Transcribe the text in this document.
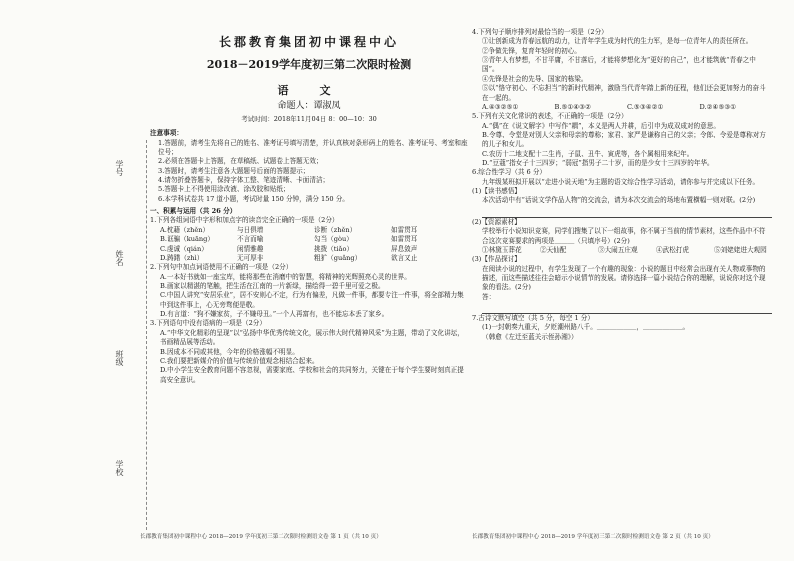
学号
姓名
班级
学校
长郡教育集团初中课程中心
2018－2019学年度初三第二次限时检测
语　文
命题人：谭淑凤
考试时间：2018年11月04日 8：00—10：30
注意事项：
1.答题前，请考生先将自己的姓名、准考证号填写清楚，并认真核对条形码上的姓名、准考证号、考室和座位号；
2.必须在答题卡上答题，在草稿纸、试题卷上答题无效；
3.答题时，请考生注意各大题题号后面的答题提示；
4.请勿折叠答题卡，保持字体工整、笔迹清晰、卡面清洁；
5.答题卡上不得使用涂改液、涂改胶和贴纸；
6.本学科试卷共 17 道小题，考试时量 150 分钟，满分 150 分。
一、积累与运用（共 26 分）
1.下列各组词语中字形和加点字的读音完全正确的一项是（2分）
A.枕藉（zhěn）	与日俱增	诊断（zhěn）	如雷贯耳
B.诓骗（kuāng）	不言而喻	勾当（gòu）	如雷贯耳
C.虔诚（qián）	闲情雅趣	挑拨（tiǎo）	屏息敛声
D.踌躇（zhì）	无可厚非	粗犷（guǎng）	欲言又止
2.下列句中加点词语使用不正确的一项是（2分）
A.一本好书就如一座宝库，能将那些在消磨中的智慧，将精神的光辉照亮心灵的世界。
B.画家以精湛的笔触，把生活在江南的一片新绿，描绘得一碧千里可爱之极。
C.中国人讲究“安居乐业”，居不安则心不定，行为有偏差，凡做一件事，都要专注一件事，将全部精力集中到这件事上，心无旁骛便是敬。
D.有言道：“狗不嫌家贫，子不嫌母丑。”一个人再富有，也不能忘本丢了家乡。
3.下列语句中没有语病的一项是（2分）
A.“中华文化精彩的呈现”以“弘扬中华优秀传统文化，展示伟大时代精神风采”为主题，带动了文化讲坛，书画精品展等活动。
B.因成本不同或其他，今年的价格涨幅不明显。
C.我们要把新媒介的价值与传统价值观念相结合起来。
D.中小学生安全教育问题不容忽视，需要家庭、学校和社会的共同努力，关键在于每个学生要时刻真正提高安全意识。
长郡教育集团初中课程中心 2018—2019 学年度初三第二次限时检测语文卷 第 1 页（共 10 页）
4.下列句子顺序排列对最恰当的一项是（2分）
①让创新成为青春远航的动力，让青年学生成为时代的生力军，是每一位青年人的责任所在。
②争做先锋，复育年轻时的初心。
③青年人有梦想，不甘平庸，不甘落后，才能将梦想化为“更好的自己”，也才能筑就“青春之中国”。
④先锋是社会的先导、国家的栋梁。
⑤以“恪守初心、不忘担当”的新时代精神，激励当代青年踏上新的征程，他们还会更加努力的奋斗在一起的。
A.④③②⑤①	B.⑤①④③②	C.⑤③④②①	D.②④⑤③①
5.下列有关文化常识的表述，不正确的一项是（2分）
A.“偶”在《说文解字》中写作“耦”，本义是两人并耕，后引申为成双成对的意思。
B.令尊、令堂是对别人父亲和母亲的尊称；家君、家严是谦称自己的父亲；令郎、令爱是尊称对方的儿子和女儿。
C.农历十二地支配十二生肖，子鼠、丑牛、寅虎等，各个属相用来纪年。
D.“豆蔻”指女子十三四岁；“弱冠”指男子二十岁，而的是少女十三四岁的年华。
6.综合性学习（共 6 分）
九年级某班拟开展以“走进小说天地”为主题的语文综合性学习活动，请你参与并完成以下任务。
(1)【读书感悟】
本次活动中有“话说文学作品人物”的交流会，请为本次交流会的场地布置横幅一则对联。(2分)
(2)【资源素材】
学校举行小说知识竞赛，同学们搜集了以下一组故事，你不属于当前的情节素材，这些作品中不符合这次竞赛要求的两项是＿＿＿（只填序号）(2分)
①林黛玉葬花	②天仙配	③大闹五庄观	④武松打虎	⑤刘姥姥进大观园
(3)【作品探讨】
在阅读小说的过程中，有学生发现了一个有趣的现象：小说的题目中经常会出现有关人物或事物的描述，而这些描述往往会暗示小说情节的发展。请你选择一篇小说结合你的理解，说说你对这个现象的看法。(2分)
答：
7.古诗文默写填空（共 5 分，每空 1 分）
(1)一封朝奏九重天，夕贬潮州路八千。＿＿＿＿＿＿，＿＿＿＿＿＿。
（韩愈《左迁至蓝关示侄孙湘》）
长郡教育集团初中课程中心 2018—2019 学年度初三第二次限时检测语文卷 第 2 页（共 10 页）
